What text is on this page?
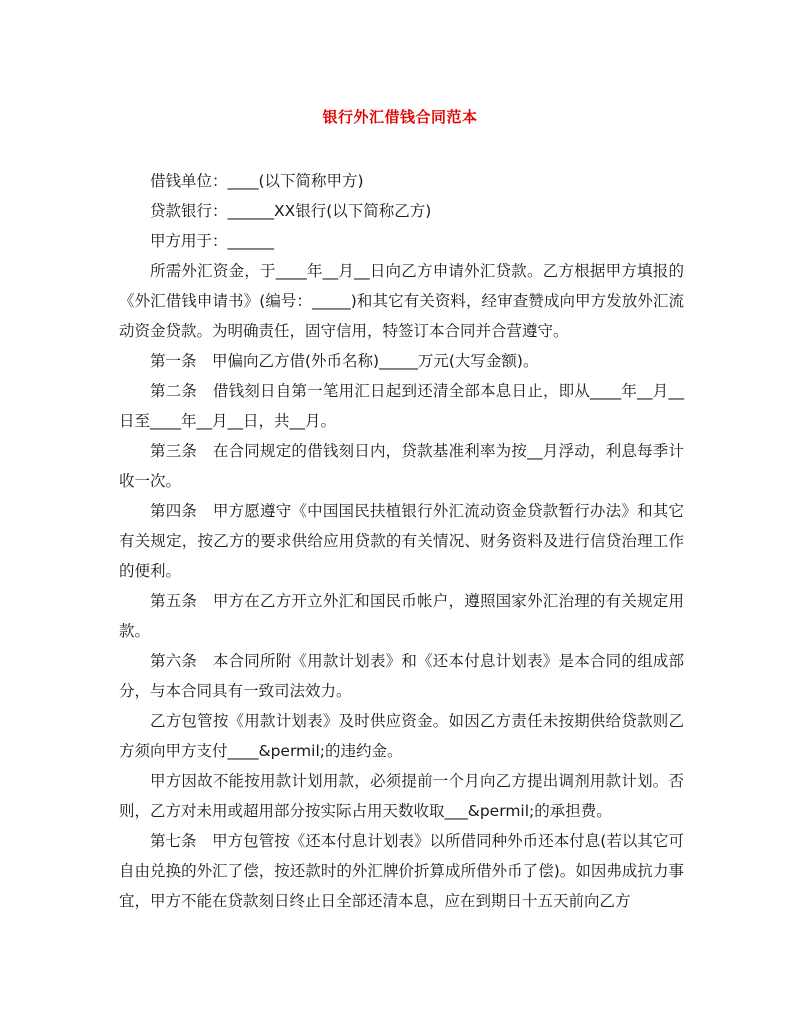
银行外汇借钱合同范本

借钱单位：____(以下简称甲方)

贷款银行：______XX银行(以下简称乙方)

甲方用于：______

所需外汇资金，于____年__月__日向乙方申请外汇贷款。乙方根据甲方填报的《外汇借钱申请书》(编号：_____)和其它有关资料，经审查赞成向甲方发放外汇流动资金贷款。为明确责任，固守信用，特签订本合同并合营遵守。

第一条　甲偏向乙方借(外币名称)_____万元(大写金额)。

第二条　借钱刻日自第一笔用汇日起到还清全部本息日止，即从____年__月__日至____年__月__日，共__月。

第三条　在合同规定的借钱刻日内，贷款基准利率为按__月浮动，利息每季计收一次。

第四条　甲方愿遵守《中国国民扶植银行外汇流动资金贷款暂行办法》和其它有关规定，按乙方的要求供给应用贷款的有关情况、财务资料及进行信贷治理工作的便利。

第五条　甲方在乙方开立外汇和国民币帐户，遵照国家外汇治理的有关规定用款。

第六条　本合同所附《用款计划表》和《还本付息计划表》是本合同的组成部分，与本合同具有一致司法效力。

乙方包管按《用款计划表》及时供应资金。如因乙方责任未按期供给贷款则乙方须向甲方支付____&permil;的违约金。

甲方因故不能按用款计划用款，必须提前一个月向乙方提出调剂用款计划。否则，乙方对未用或超用部分按实际占用天数收取___&permil;的承担费。

第七条　甲方包管按《还本付息计划表》以所借同种外币还本付息(若以其它可自由兑换的外汇了偿，按还款时的外汇牌价折算成所借外币了偿)。如因弗成抗力事宜，甲方不能在贷款刻日终止日全部还清本息，应在到期日十五天前向乙方
